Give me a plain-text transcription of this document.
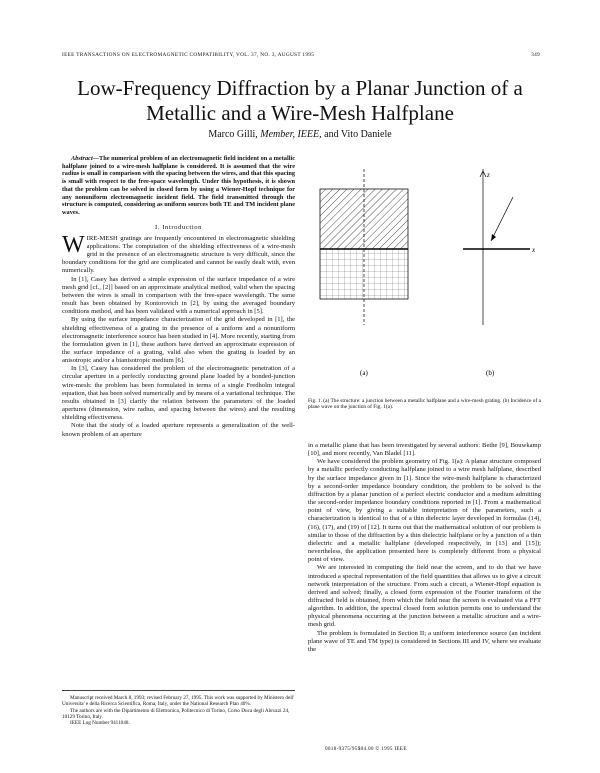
IEEE TRANSACTIONS ON ELECTROMAGNETIC COMPATIBILITY, VOL. 37, NO. 3, AUGUST 1995	349
Low-Frequency Diffraction by a Planar Junction of a Metallic and a Wire-Mesh Halfplane
Marco Gilli, Member, IEEE, and Vito Daniele

Abstract—The numerical problem of an electromagnetic field incident on a metallic halfplane joined to a wire-mesh halfplane is considered. It is assumed that the wire radius is small in comparison with the spacing between the wires, and that this spacing is small with respect to the free-space wavelength. Under this hypothesis, it is shown that the problem can be solved in closed form by using a Wiener-Hopf technique for any nonuniform electromagnetic incident field. The field transmitted through the structure is computed, considering as uniform sources both TE and TM incident plane waves.

I. Introduction

WIRE-MESH gratings are frequently encountered in electromagnetic shielding applications. The computation of the shielding effectiveness of a wire-mesh grid in the presence of an electromagnetic structure is very difficult, since the boundary conditions for the grid are complicated and cannot be easily dealt with, even numerically.

In [1], Casey has derived a simple expression of the surface impedance of a wire mesh grid [cf., [2]] based on an approximate analytical method, valid when the spacing between the wires is small in comparison with the free-space wavelength. The same result has been obtained by Kontorovich in [2], by using the averaged boundary conditions method, and has been validated with a numerical approach in [5].

By using the surface impedance characterization of the grid developed in [1], the shielding effectiveness of a grating in the presence of a uniform and a nonuniform electromagnetic interference source has been studied in [4]. More recently, starting from the formulation given in [1], these authors have derived an approximate expression of the surface impedance of a grating, valid also when the grating is loaded by an anisotropic and/or a bianisotropic medium [6].

In [3], Casey has considered the problem of the electromagnetic penetration of a circular aperture in a perfectly conducting ground plane loaded by a bonded-junction wire-mesh: the problem has been formulated in terms of a single Fredholm integral equation, that has been solved numerically and by means of a variational technique. The results obtained in [3] clarify the relation between the parameters of the loaded apertures (dimension, wire radius, and spacing between the wires) and the resulting shielding effectiveness.

Note that the study of a loaded aperture represents a generalization of the well-known problem of an aperture

Manuscript received March 8, 1993; revised February 27, 1995. This work was supported by Ministero dell' Universita' e della Ricerca Scientifica, Roma, Italy, under the National Research Plan 40%.

The authors are with the Dipartimento di Elettronica, Politecnico di Torino, Corso Duca degli Abruzzi 24, 10129 Torino, Italy.

IEEE Log Number 9411048.

z
x
(a)	(b)
Fig. 1. (a) The structure: a junction between a metallic halfplane and a wire-mesh grating. (b) Incidence of a plane wave on the junction of Fig. 1(a).

in a metallic plane that has been investigated by several authors: Bethe [9], Bouwkamp [10], and more recently, Van Bladel [11].

We have considered the problem geometry of Fig. 1(a): A planar structure composed by a metallic perfectly conducting halfplane joined to a wire mesh halfplane, described by the surface impedance given in [1]. Since the wire-mesh halfplane is characterized by a second-order impedance boundary condition, the problem to be solved is the diffraction by a planar junction of a perfect electric conductor and a medium admitting the second-order impedance boundary conditions reported in [1]. From a mathematical point of view, by giving a suitable interpretation of the parameters, such a characterization is identical to that of a thin dielectric layer developed in formulas (14), (16), (17), and (19) of [12]. It turns out that the mathematical solution of our problem is similar to those of the diffraction by a thin dielectric halfplane or by a junction of a thin dielectric and a metallic halfplane (developed respectively, in [13] and [15]); nevertheless, the application presented here is completely different from a physical point of view.

We are interested in computing the field near the screen, and to do that we have introduced a spectral representation of the field quantities that allows us to give a circuit network interpretation of the structure. From such a circuit, a Wiener-Hopf equation is derived and solved; finally, a closed form expression of the Fourier transform of the diffracted field is obtained, from which the field near the screen is evaluated via a FFT algorithm. In addition, the spectral closed form solution permits one to understand the physical phenomena occurring at the junction between a metallic structure and a wire-mesh grid.

The problem is formulated in Section II; a uniform interference source (an incident plane wave of TE and TM type) is considered in Sections III and IV, where we evaluate the

0018-9375/95$04.00 © 1995 IEEE
